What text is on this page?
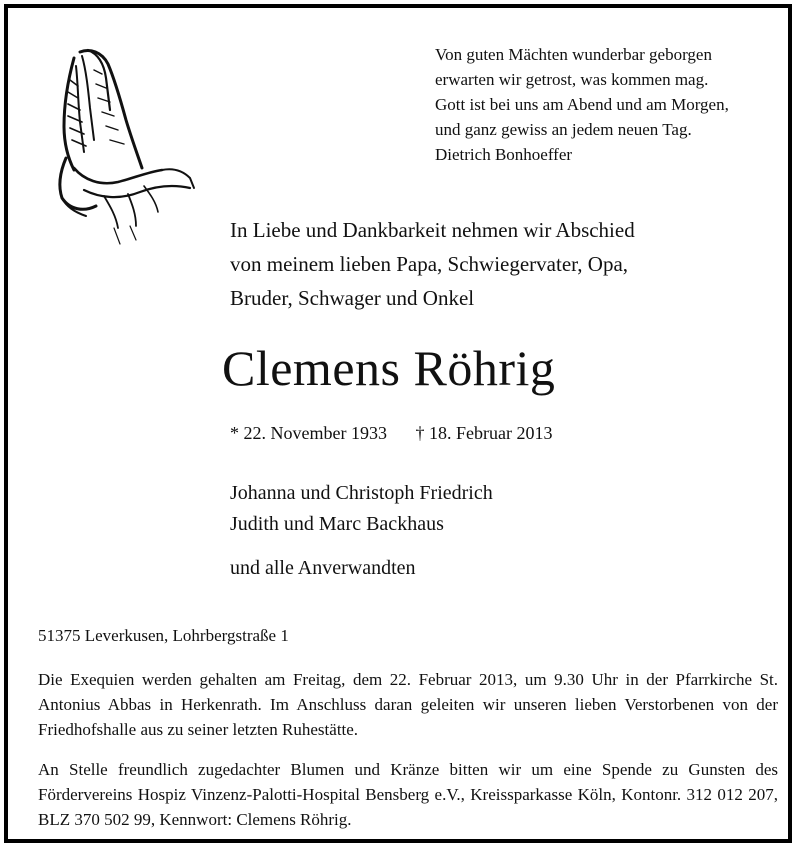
Von guten Mächten wunderbar geborgen
erwarten wir getrost, was kommen mag.
Gott ist bei uns am Abend und am Morgen,
und ganz gewiss an jedem neuen Tag.
Dietrich Bonhoeffer
In Liebe und Dankbarkeit nehmen wir Abschied
von meinem lieben Papa, Schwiegervater, Opa,
Bruder, Schwager und Onkel
Clemens Röhrig
* 22. November 1933 † 18. Februar 2013
Johanna und Christoph Friedrich
Judith und Marc Backhaus
und alle Anverwandten
51375 Leverkusen, Lohrbergstraße 1
Die Exequien werden gehalten am Freitag, dem 22. Februar 2013, um 9.30 Uhr in der Pfarrkirche St. Antonius Abbas in Herkenrath. Im Anschluss daran geleiten wir unseren lieben Verstorbenen von der Friedhofshalle aus zu seiner letzten Ruhestätte.
An Stelle freundlich zugedachter Blumen und Kränze bitten wir um eine Spende zu Gunsten des Fördervereins Hospiz Vinzenz-Palotti-Hospital Bensberg e.V., Kreissparkasse Köln, Kontonr. 312 012 207, BLZ 370 502 99, Kennwort: Clemens Röhrig.
